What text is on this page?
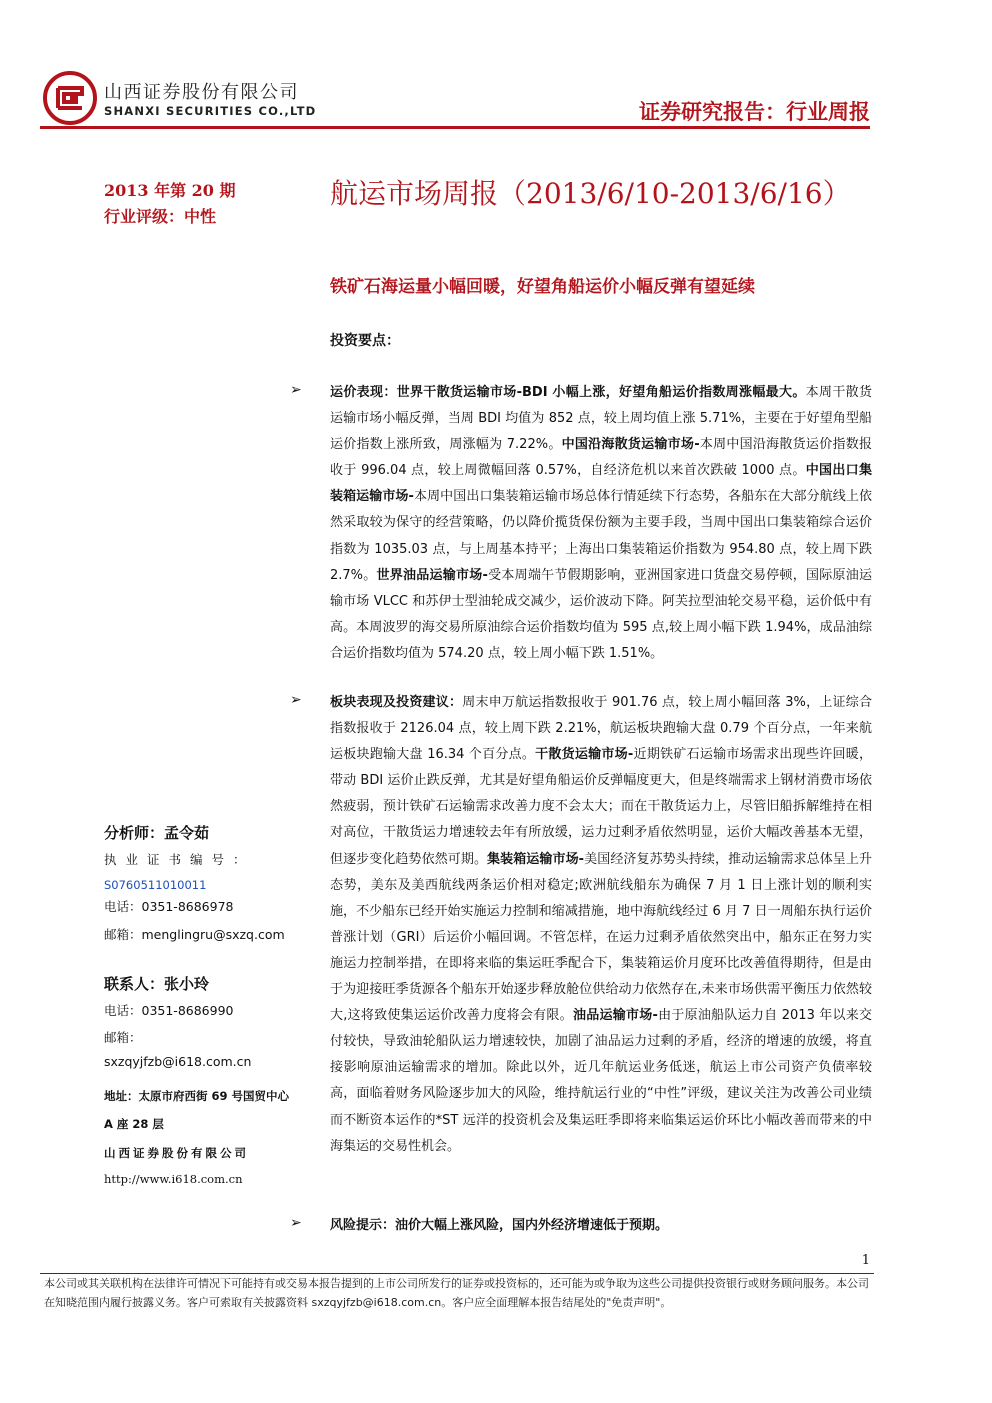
山西证券股份有限公司
SHANXI SECURITIES CO.,LTD	证券研究报告：行业周报
2013 年第 20 期
行业评级：中性
航运市场周报（2013/6/10-2013/6/16）
铁矿石海运量小幅回暖，好望角船运价小幅反弹有望延续
投资要点：
➢ 运价表现：世界干散货运输市场-BDI 小幅上涨，好望角船运价指数周涨幅最大。本周干散货运输市场小幅反弹，当周 BDI 均值为 852 点，较上周均值上涨 5.71%，主要在于好望角型船运价指数上涨所致，周涨幅为 7.22%。中国沿海散货运输市场-本周中国沿海散货运价指数报收于 996.04 点，较上周微幅回落 0.57%，自经济危机以来首次跌破 1000 点。中国出口集装箱运输市场-本周中国出口集装箱运输市场总体行情延续下行态势，各船东在大部分航线上依然采取较为保守的经营策略，仍以降价揽货保份额为主要手段，当周中国出口集装箱综合运价指数为 1035.03 点，与上周基本持平；上海出口集装箱运价指数为 954.80 点，较上周下跌 2.7%。世界油品运输市场-受本周端午节假期影响，亚洲国家进口货盘交易停顿，国际原油运输市场 VLCC 和苏伊士型油轮成交减少，运价波动下降。阿芙拉型油轮交易平稳，运价低中有高。本周波罗的海交易所原油综合运价指数均值为 595 点,较上周小幅下跌 1.94%，成品油综合运价指数均值为 574.20 点，较上周小幅下跌 1.51%。
➢ 板块表现及投资建议：周末申万航运指数报收于 901.76 点，较上周小幅回落 3%，上证综合指数报收于 2126.04 点，较上周下跌 2.21%，航运板块跑输大盘 0.79 个百分点，一年来航运板块跑输大盘 16.34 个百分点。干散货运输市场-近期铁矿石运输市场需求出现些许回暖，带动 BDI 运价止跌反弹，尤其是好望角船运价反弹幅度更大，但是终端需求上钢材消费市场依然疲弱，预计铁矿石运输需求改善力度不会太大；而在干散货运力上，尽管旧船拆解维持在相对高位，干散货运力增速较去年有所放缓，运力过剩矛盾依然明显，运价大幅改善基本无望，但逐步变化趋势依然可期。集装箱运输市场-美国经济复苏势头持续，推动运输需求总体呈上升态势，美东及美西航线两条运价相对稳定;欧洲航线船东为确保 7 月 1 日上涨计划的顺利实施，不少船东已经开始实施运力控制和缩减措施，地中海航线经过 6 月 7 日一周船东执行运价普涨计划（GRI）后运价小幅回调。不管怎样，在运力过剩矛盾依然突出中，船东正在努力实施运力控制举措，在即将来临的集运旺季配合下，集装箱运价月度环比改善值得期待，但是由于为迎接旺季货源各个船东开始逐步释放舱位供给动力依然存在,未来市场供需平衡压力依然较大,这将致使集运运价改善力度将会有限。油品运输市场-由于原油船队运力自 2013 年以来交付较快，导致油轮船队运力增速较快，加剧了油品运力过剩的矛盾，经济的增速的放缓，将直接影响原油运输需求的增加。除此以外，近几年航运业务低迷，航运上市公司资产负债率较高，面临着财务风险逐步加大的风险，维持航运行业的“中性”评级，建议关注为改善公司业绩而不断资本运作的*ST 远洋的投资机会及集运旺季即将来临集运运价环比小幅改善而带来的中海集运的交易性机会。
➢ 风险提示：油价大幅上涨风险，国内外经济增速低于预期。
分析师：孟令茹
执业证书编号：
S0760511010011
电话：0351-8686978
邮箱：menglingru@sxzq.com
联系人：张小玲
电话：0351-8686990
邮箱：
sxzqyjfzb@i618.com.cn
地址：太原市府西街 69 号国贸中心 A 座 28 层
山西证券股份有限公司
http://www.i618.com.cn
1
本公司或其关联机构在法律许可情况下可能持有或交易本报告提到的上市公司所发行的证券或投资标的，还可能为或争取为这些公司提供投资银行或财务顾问服务。本公司在知晓范围内履行披露义务。客户可索取有关披露资料 sxzqyjfzb@i618.com.cn。客户应全面理解本报告结尾处的"免责声明"。
